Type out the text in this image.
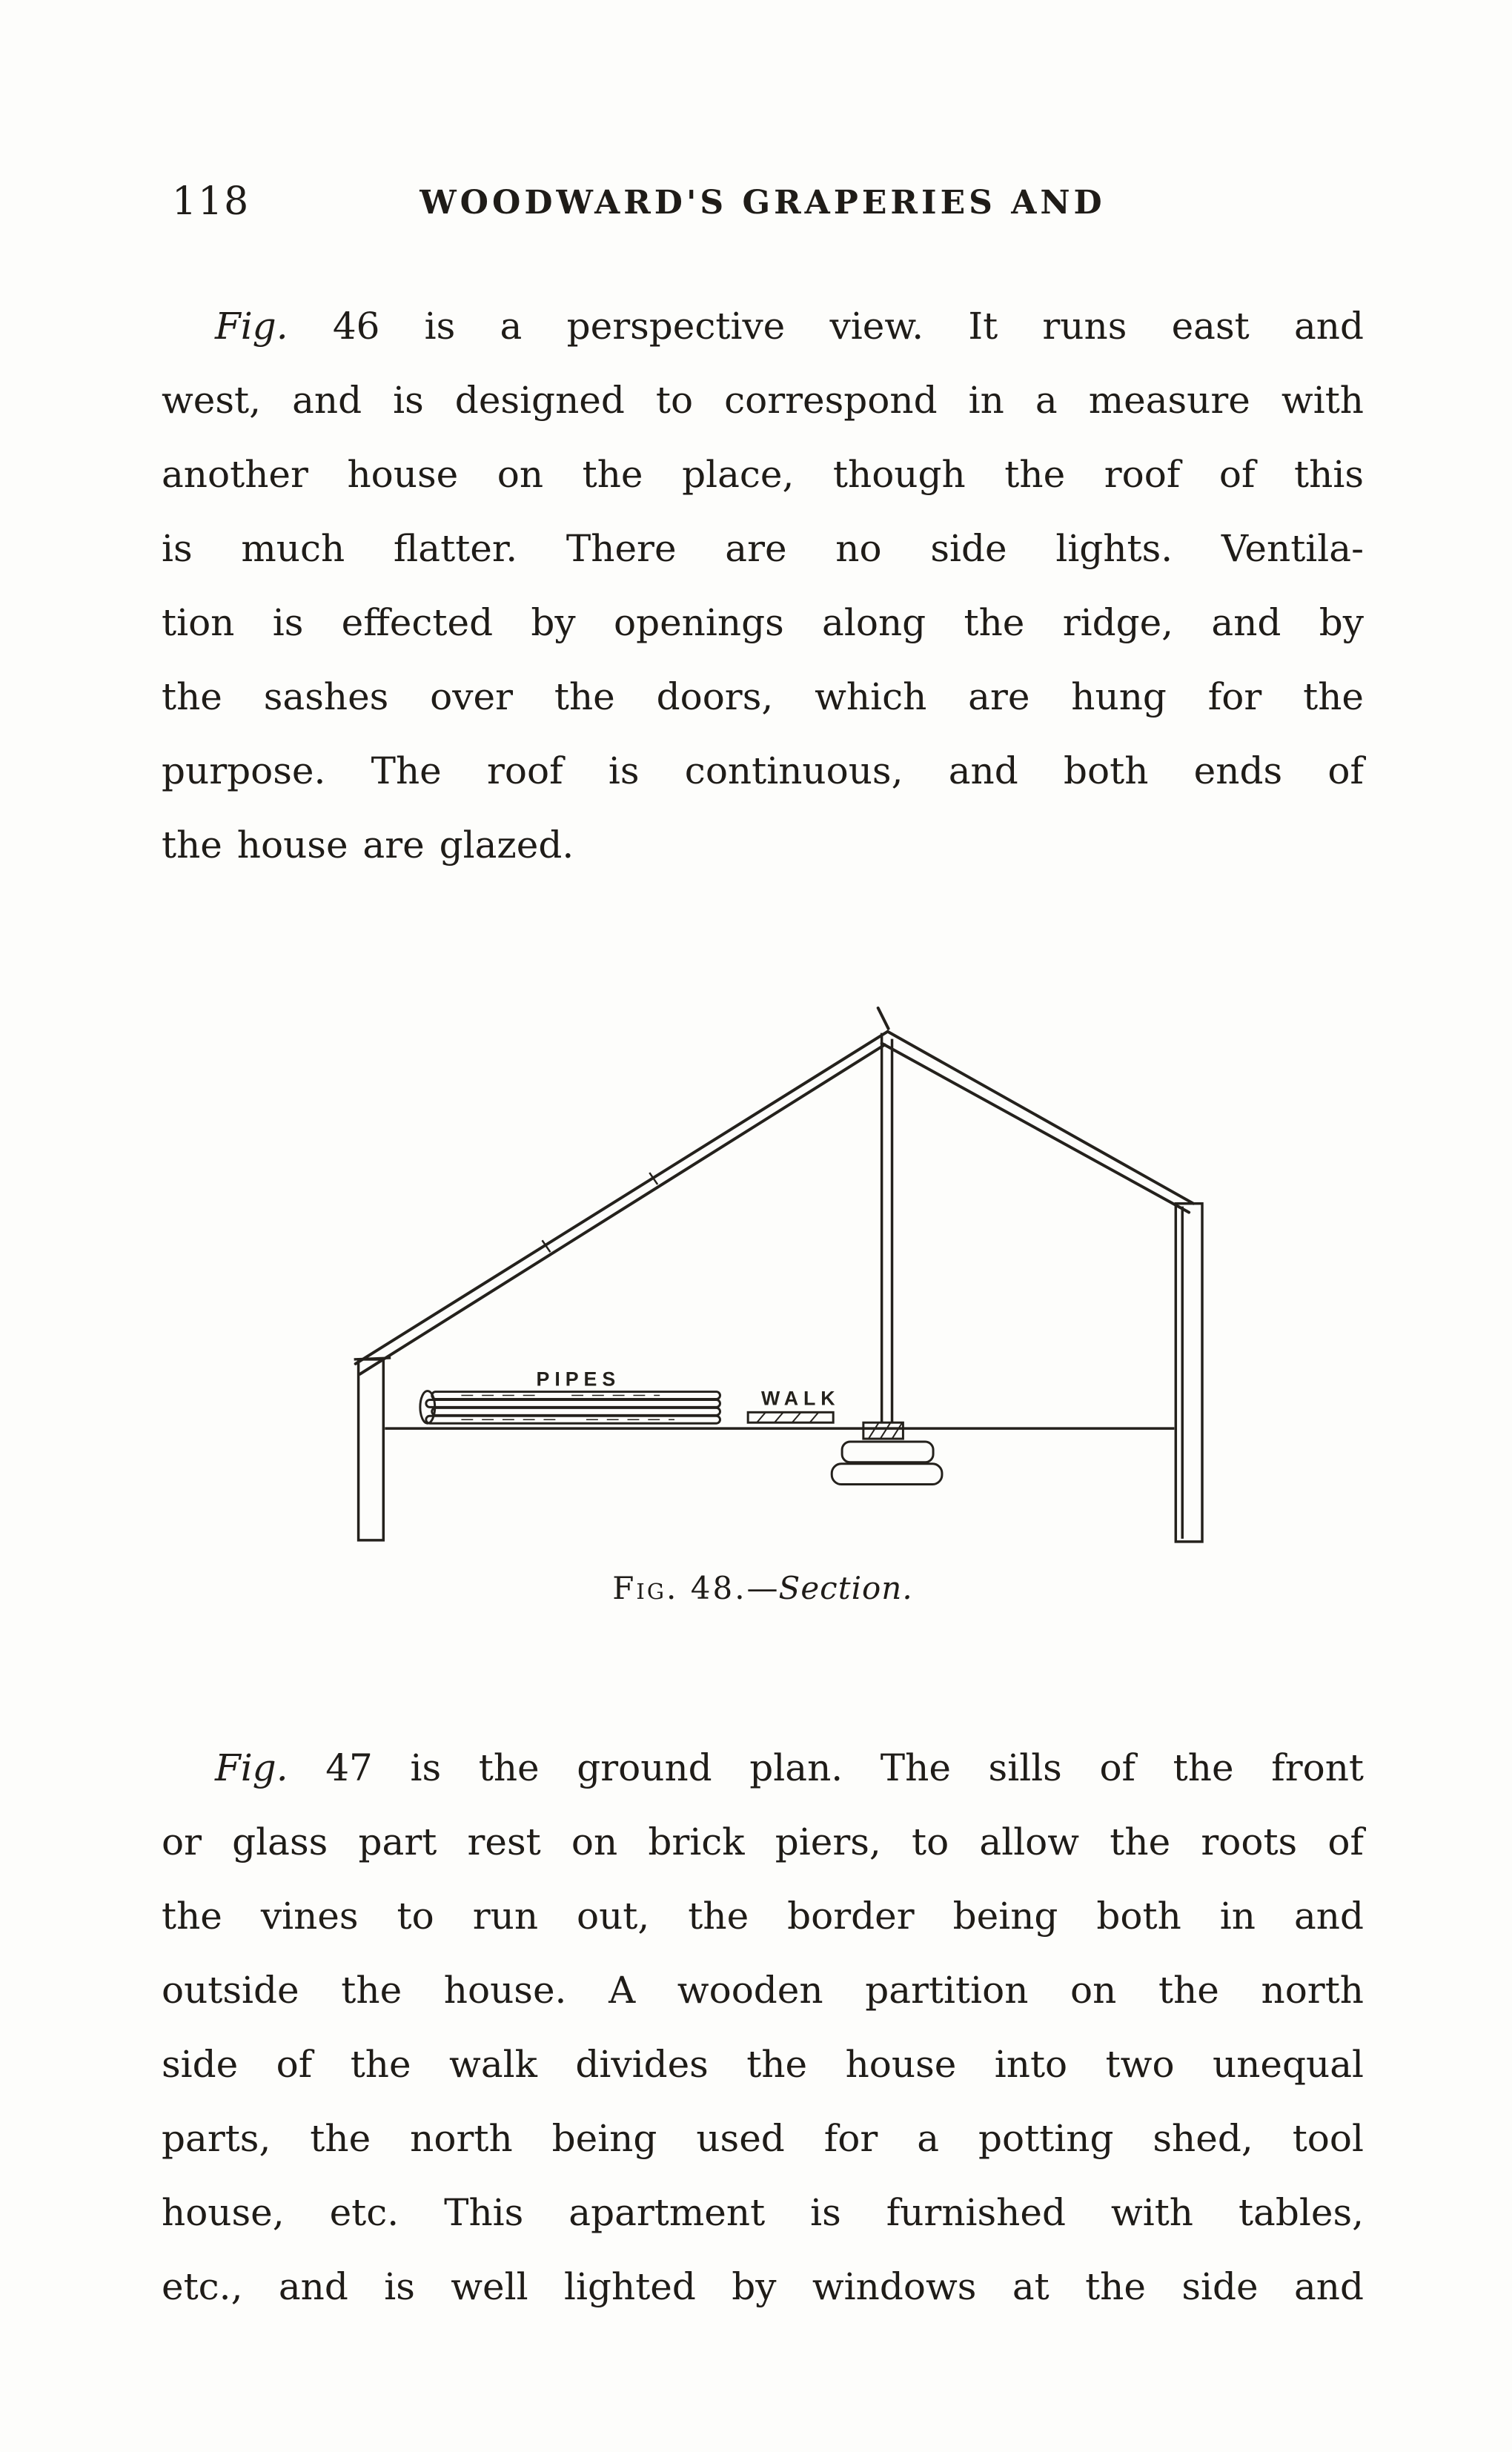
118	WOODWARD'S GRAPERIES AND
Fig. 46 is a perspective view. It runs east and
west, and is designed to correspond in a measure with
another house on the place, though the roof of this
is much flatter. There are no side lights. Ventila-
tion is effected by openings along the ridge, and by
the sashes over the doors, which are hung for the
purpose. The roof is continuous, and both ends of
the house are glazed.
PIPES
WALK
Fig. 48.—Section.
Fig. 47 is the ground plan. The sills of the front
or glass part rest on brick piers, to allow the roots of
the vines to run out, the border being both in and
outside the house. A wooden partition on the north
side of the walk divides the house into two unequal
parts, the north being used for a potting shed, tool
house, etc. This apartment is furnished with tables,
etc., and is well lighted by windows at the side and
